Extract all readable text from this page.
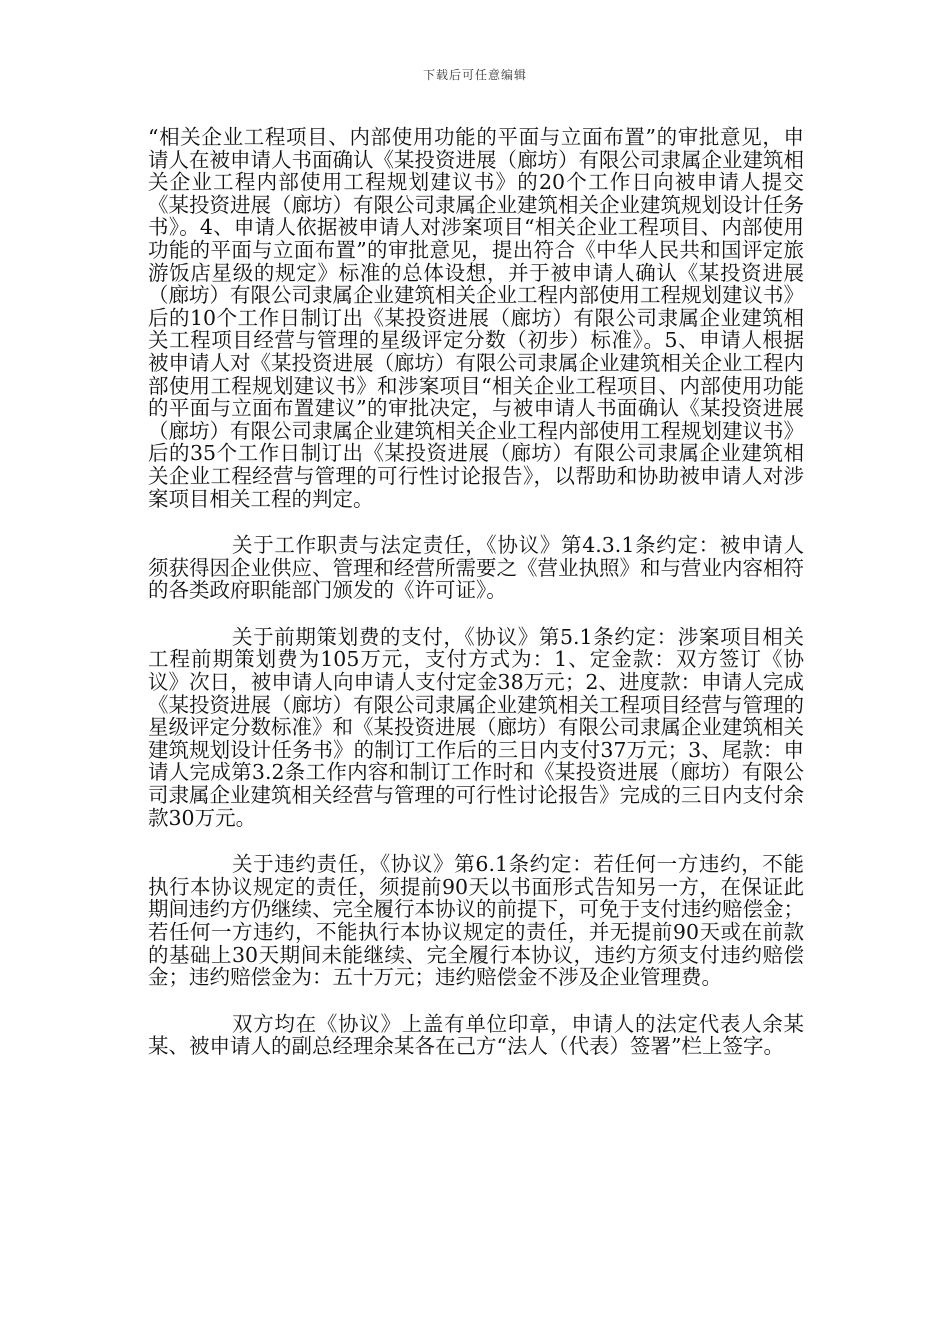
下载后可任意编辑

“相关企业工程项目、内部使用功能的平面与立面布置”的审批意见，申请人在被申请人书面确认《某投资进展（廊坊）有限公司隶属企业建筑相关企业工程内部使用工程规划建议书》的20个工作日向被申请人提交《某投资进展（廊坊）有限公司隶属企业建筑相关企业建筑规划设计任务书》。4、申请人依据被申请人对涉案项目“相关企业工程项目、内部使用功能的平面与立面布置”的审批意见，提出符合《中华人民共和国评定旅游饭店星级的规定》标准的总体设想，并于被申请人确认《某投资进展（廊坊）有限公司隶属企业建筑相关企业工程内部使用工程规划建议书》后的10个工作日制订出《某投资进展（廊坊）有限公司隶属企业建筑相关工程项目经营与管理的星级评定分数（初步）标准》。5、申请人根据被申请人对《某投资进展（廊坊）有限公司隶属企业建筑相关企业工程内部使用工程规划建议书》和涉案项目“相关企业工程项目、内部使用功能的平面与立面布置建议”的审批决定，与被申请人书面确认《某投资进展（廊坊）有限公司隶属企业建筑相关企业工程内部使用工程规划建议书》后的35个工作日制订出《某投资进展（廊坊）有限公司隶属企业建筑相关企业工程经营与管理的可行性讨论报告》，以帮助和协助被申请人对涉案项目相关工程的判定。

关于工作职责与法定责任，《协议》第4.3.1条约定：被申请人须获得因企业供应、管理和经营所需要之《营业执照》和与营业内容相符的各类政府职能部门颁发的《许可证》。

关于前期策划费的支付，《协议》第5.1条约定：涉案项目相关工程前期策划费为105万元，支付方式为：1、定金款：双方签订《协议》次日，被申请人向申请人支付定金38万元；2、进度款：申请人完成《某投资进展（廊坊）有限公司隶属企业建筑相关工程项目经营与管理的星级评定分数标准》和《某投资进展（廊坊）有限公司隶属企业建筑相关建筑规划设计任务书》的制订工作后的三日内支付37万元；3、尾款：申请人完成第3.2条工作内容和制订工作时和《某投资进展（廊坊）有限公司隶属企业建筑相关经营与管理的可行性讨论报告》完成的三日内支付余款30万元。

关于违约责任，《协议》第6.1条约定：若任何一方违约，不能执行本协议规定的责任，须提前90天以书面形式告知另一方，在保证此期间违约方仍继续、完全履行本协议的前提下，可免于支付违约赔偿金；若任何一方违约，不能执行本协议规定的责任，并无提前90天或在前款的基础上30天期间未能继续、完全履行本协议，违约方须支付违约赔偿金；违约赔偿金为：五十万元；违约赔偿金不涉及企业管理费。

双方均在《协议》上盖有单位印章，申请人的法定代表人余某某、被申请人的副总经理余某各在己方“法人（代表）签署”栏上签字。
